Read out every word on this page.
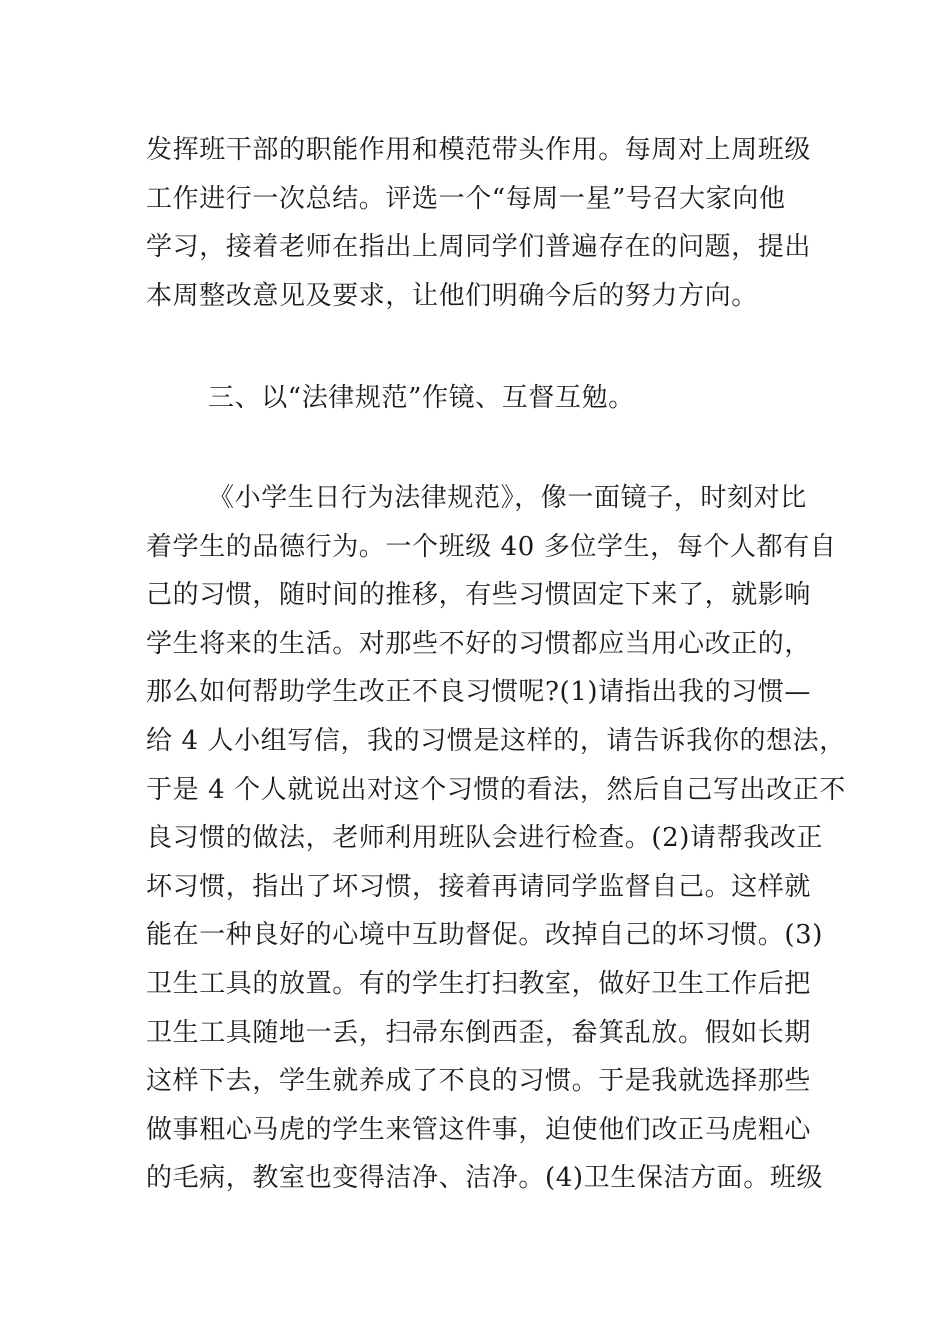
发挥班干部的职能作用和模范带头作用。每周对上周班级
工作进行一次总结。评选一个“每周一星”号召大家向他
学习，接着老师在指出上周同学们普遍存在的问题，提出
本周整改意见及要求，让他们明确今后的努力方向。
三、以“法律规范”作镜、互督互勉。
《小学生日行为法律规范》，像一面镜子，时刻对比
着学生的品德行为。一个班级 40 多位学生，每个人都有自
己的习惯，随时间的推移，有些习惯固定下来了，就影响
学生将来的生活。对那些不好的习惯都应当用心改正的，
那么如何帮助学生改正不良习惯呢?(1)请指出我的习惯—
给 4 人小组写信，我的习惯是这样的，请告诉我你的想法，
于是 4 个人就说出对这个习惯的看法，然后自己写出改正不
良习惯的做法，老师利用班队会进行检查。(2)请帮我改正
坏习惯，指出了坏习惯，接着再请同学监督自己。这样就
能在一种良好的心境中互助督促。改掉自己的坏习惯。(3)
卫生工具的放置。有的学生打扫教室，做好卫生工作后把
卫生工具随地一丢，扫帚东倒西歪，畚箕乱放。假如长期
这样下去，学生就养成了不良的习惯。于是我就选择那些
做事粗心马虎的学生来管这件事，迫使他们改正马虎粗心
的毛病，教室也变得洁净、洁净。(4)卫生保洁方面。班级
